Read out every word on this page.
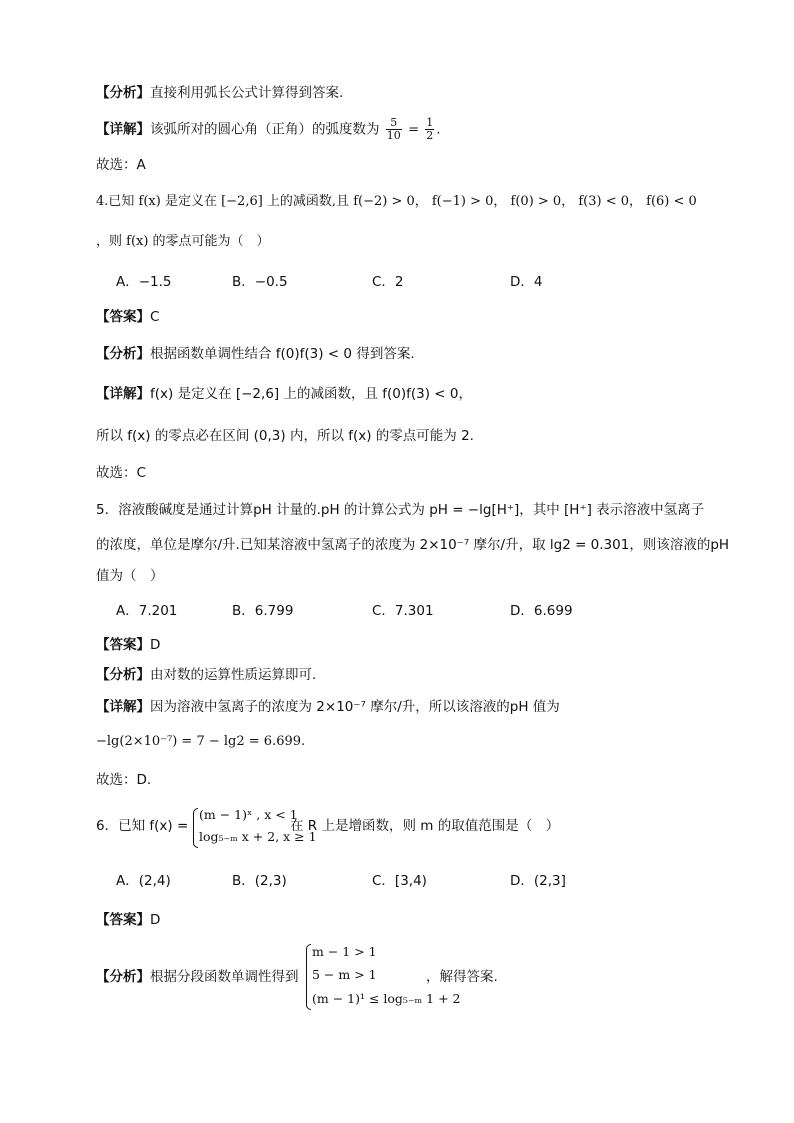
【分析】直接利用弧长公式计算得到答案.
【详解】该弧所对的圆心角（正角）的弧度数为 $\frac{5}{10} = \frac{1}{2}$ .
故选：A
4.已知 f(x) 是定义在 [−2,6] 上的减函数,且 f(−2) > 0， f(−1) > 0， f(0) > 0， f(3) < 0， f(6) < 0
，则 f(x) 的零点可能为（　）
A．−1.5	B．−0.5	C．2	D．4
【答案】C
【分析】根据函数单调性结合 f(0)f(3) < 0 得到答案.
【详解】f(x) 是定义在 [−2,6] 上的减函数，且 f(0)f(3) < 0，
所以 f(x) 的零点必在区间 (0,3) 内，所以 f(x) 的零点可能为 2.
故选：C
5．溶液酸碱度是通过计算pH 计量的.pH 的计算公式为 pH = −lg[H⁺]，其中 [H⁺] 表示溶液中氢离子
的浓度，单位是摩尔/升.已知某溶液中氢离子的浓度为 2×10⁻⁷ 摩尔/升，取 lg2 = 0.301，则该溶液的pH
值为（　）
A．7.201	B．6.799	C．7.301	D．6.699
【答案】D
【分析】由对数的运算性质运算即可.
【详解】因为溶液中氢离子的浓度为 2×10⁻⁷ 摩尔/升，所以该溶液的pH 值为
−lg(2×10⁻⁷) = 7 − lg2 = 6.699.
故选：D.
6．已知 f(x) =
(m − 1)ˣ , x < 1
log₅₋ₘ x + 2, x ≥ 1
在 R 上是增函数，则 m 的取值范围是（　）
A．(2,4)	B．(2,3)	C．[3,4)	D．(2,3]
【答案】D
【分析】根据分段函数单调性得到
m − 1 > 1
5 − m > 1
(m − 1)¹ ≤ log₅₋ₘ 1 + 2
，解得答案.
